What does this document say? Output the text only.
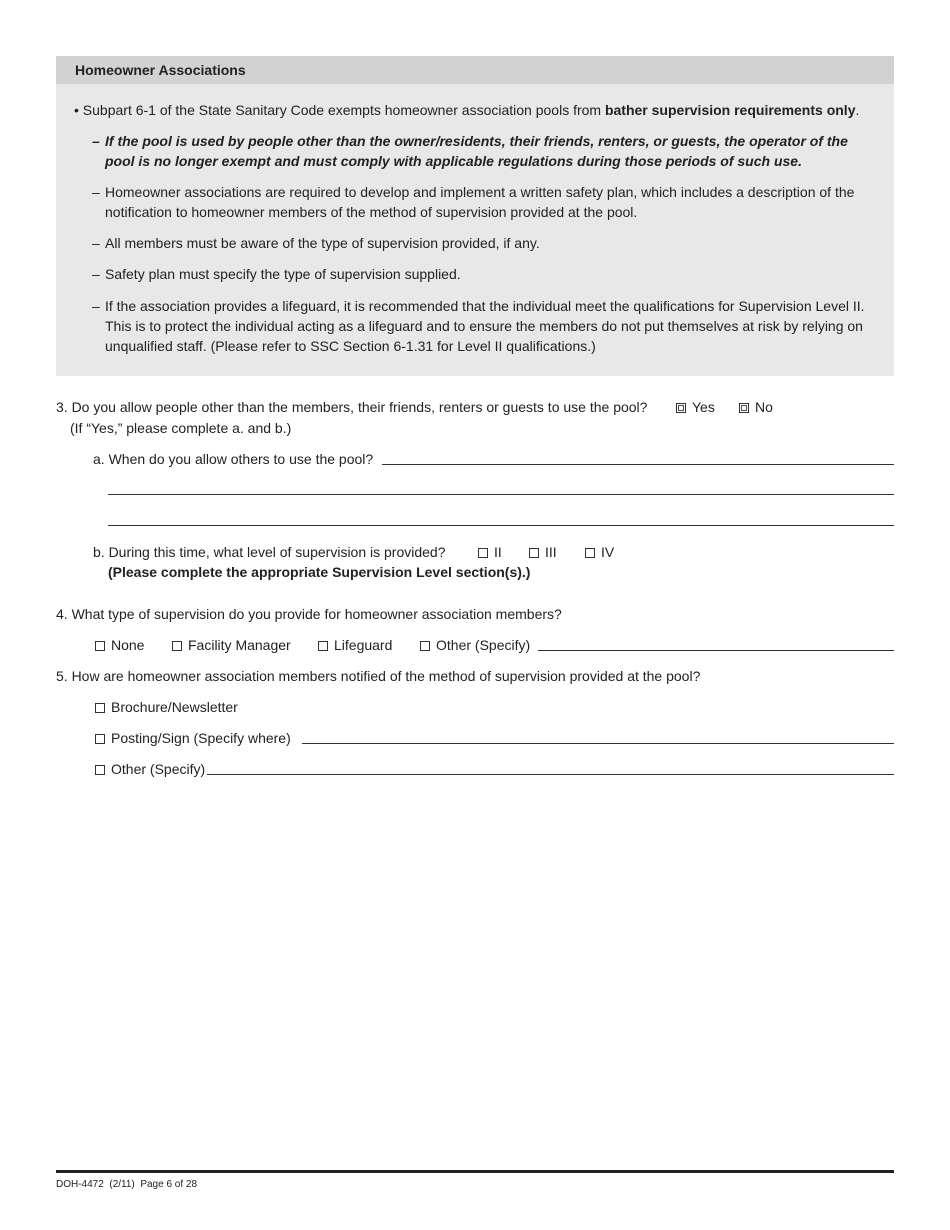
Homeowner Associations
• Subpart 6-1 of the State Sanitary Code exempts homeowner association pools from bather supervision requirements only.
– If the pool is used by people other than the owner/residents, their friends, renters, or guests, the operator of the pool is no longer exempt and must comply with applicable regulations during those periods of such use.
– Homeowner associations are required to develop and implement a written safety plan, which includes a description of the notification to homeowner members of the method of supervision provided at the pool.
– All members must be aware of the type of supervision provided, if any.
– Safety plan must specify the type of supervision supplied.
– If the association provides a lifeguard, it is recommended that the individual meet the qualifications for Supervision Level II. This is to protect the individual acting as a lifeguard and to ensure the members do not put themselves at risk by relying on unqualified staff. (Please refer to SSC Section 6-1.31 for Level II qualifications.)
3. Do you allow people other than the members, their friends, renters or guests to use the pool?	Yes	No
(If “Yes,” please complete a. and b.)
a. When do you allow others to use the pool?
b. During this time, what level of supervision is provided?	II	III	IV
(Please complete the appropriate Supervision Level section(s).)
4. What type of supervision do you provide for homeowner association members?
None	Facility Manager	Lifeguard	Other (Specify)
5. How are homeowner association members notified of the method of supervision provided at the pool?
Brochure/Newsletter
Posting/Sign (Specify where)
Other (Specify)
DOH-4472 (2/11) Page 6 of 28
